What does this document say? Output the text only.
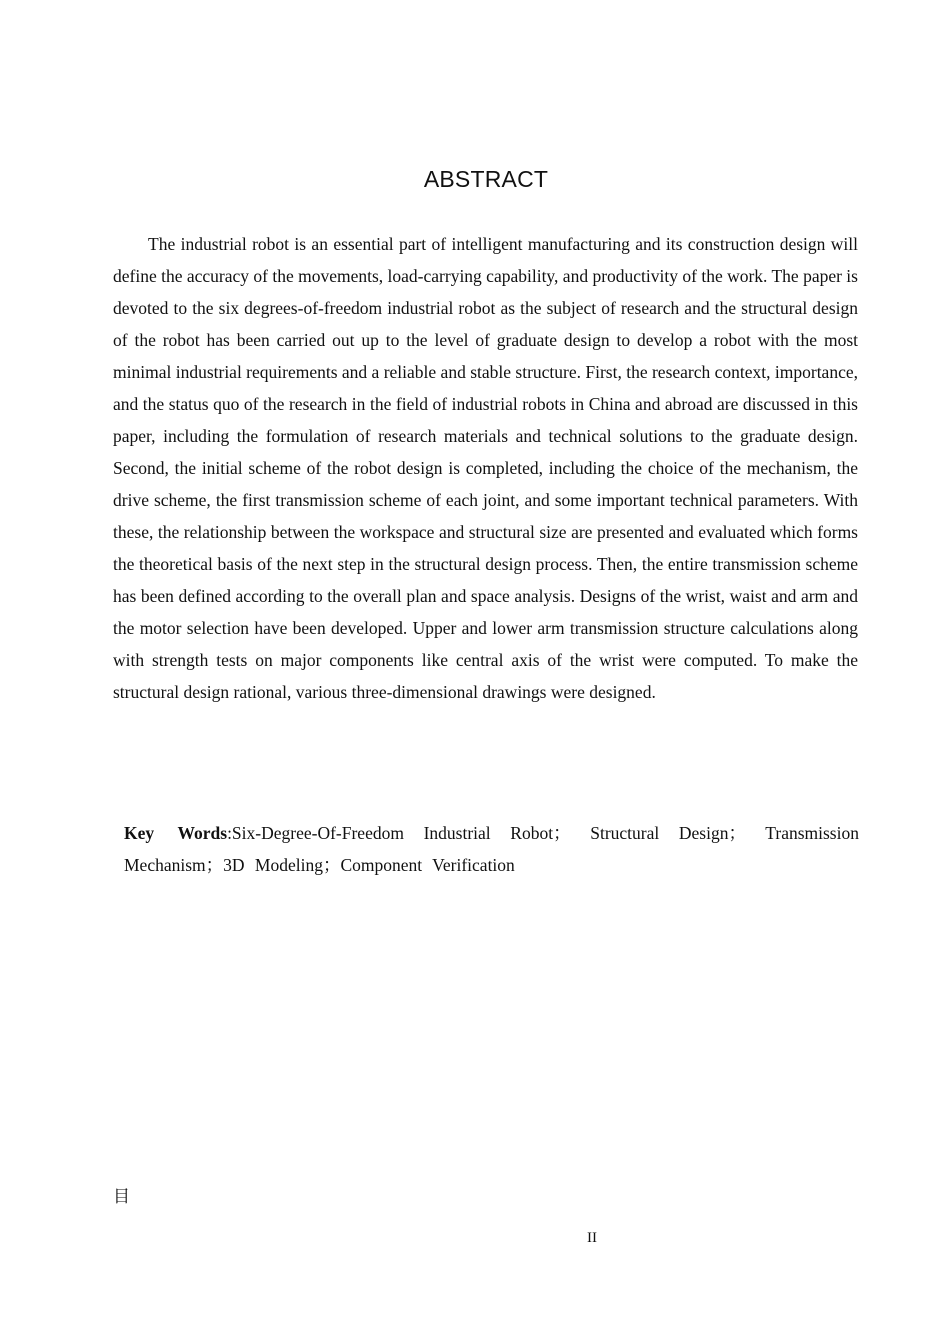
ABSTRACT

The industrial robot is an essential part of intelligent manufacturing and its construction design will define the accuracy of the movements, load-carrying capability, and productivity of the work. The paper is devoted to the six degrees-of-freedom industrial robot as the subject of research and the structural design of the robot has been carried out up to the level of graduate design to develop a robot with the most minimal industrial requirements and a reliable and stable structure. First, the research context, importance, and the status quo of the research in the field of industrial robots in China and abroad are discussed in this paper, including the formulation of research materials and technical solutions to the graduate design. Second, the initial scheme of the robot design is completed, including the choice of the mechanism, the drive scheme, the first transmission scheme of each joint, and some important technical parameters. With these, the relationship between the workspace and structural size are presented and evaluated which forms the theoretical basis of the next step in the structural design process. Then, the entire transmission scheme has been defined according to the overall plan and space analysis. Designs of the wrist, waist and arm and the motor selection have been developed. Upper and lower arm transmission structure calculations along with strength tests on major components like central axis of the wrist were computed. To make the structural design rational, various three-dimensional drawings were designed.

Key Words:Six-Degree-Of-Freedom Industrial Robot； Structural Design； Transmission Mechanism；3D Modeling；Component Verification

目
II
